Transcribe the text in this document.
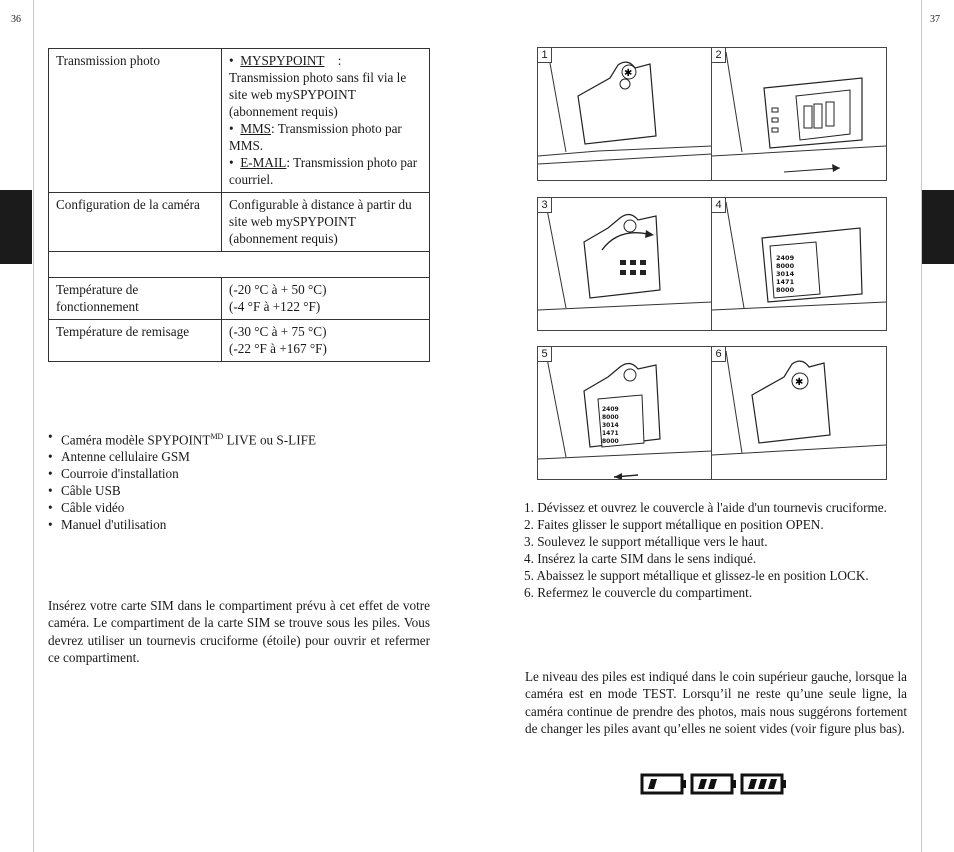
36	37
Transmission photo	•  MYSPYPOINT    :
Transmission photo sans fil via le site web mySPYPOINT (abonnement requis)
•  MMS: Transmission photo par MMS.
•  E-MAIL: Transmission photo par courriel.

Configuration de la caméra	Configurable à distance à partir du site web mySPYPOINT (abonnement requis)

Température de fonctionnement	(-20 °C à + 50 °C)
(-4 °F à +122 °F)

Température de remisage	(-30 °C à + 75 °C)
(-22 °F à +167 °F)
• Caméra modèle $SPYPOINT^{MD}$ LIVE ou S-LIFE
• Antenne cellulaire GSM
• Courroie d'installation
• Câble USB
• Câble vidéo
• Manuel d'utilisation

Insérez votre carte SIM dans le compartiment prévu à cet effet de votre caméra. Le compartiment de la carte SIM se trouve sous les piles. Vous devrez utiliser un tournevis cruciforme (étoile) pour ouvrir et refermer ce compartiment.

✱
1	2
3
2409
8000
3014
1471
8000
4
2409
8000
3014
1471
8000
5
✱
6
1. Dévissez et ouvrez le couvercle à l'aide d'un tournevis cruciforme.
2. Faites glisser le support métallique en position OPEN.
3. Soulevez le support métallique vers le haut.
4. Insérez la carte SIM dans le sens indiqué.
5. Abaissez le support métallique et glissez-le en position LOCK.
6. Refermez le couvercle du compartiment.

Le niveau des piles est indiqué dans le coin supérieur gauche, lorsque la caméra est en mode TEST. Lorsqu’il ne reste qu’une seule ligne, la caméra continue de prendre des photos, mais nous suggérons fortement de changer les piles avant qu’elles ne soient vides (voir figure plus bas).
